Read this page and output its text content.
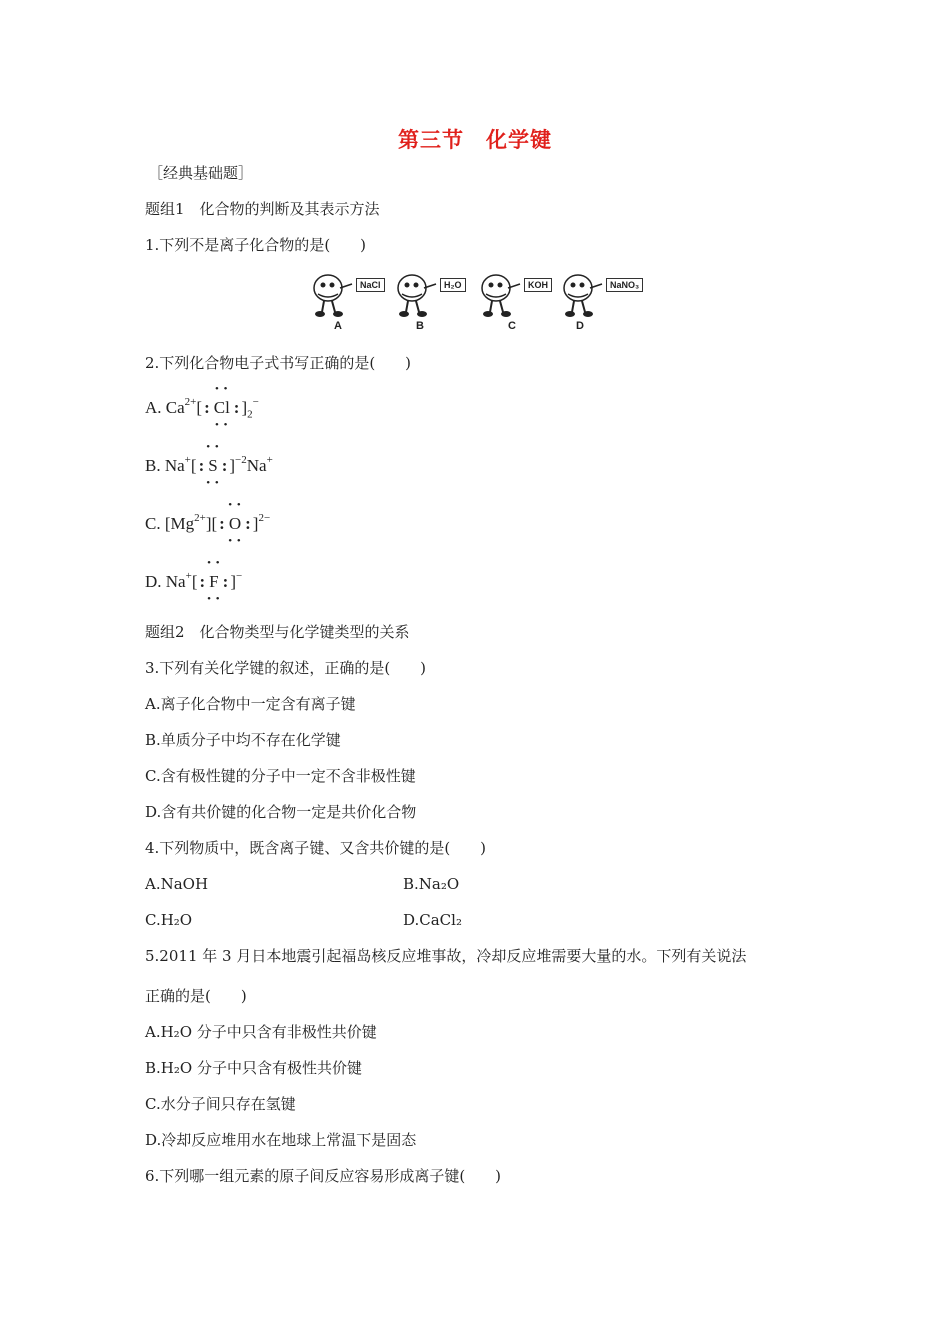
第三节　化学键
［经典基础题］
题组1　化合物的判断及其表示方法
1.下列不是离子化合物的是(　　)
NaCl
A
H₂O
B
KOH
C
NaNO₃
D
2.下列化合物电子式书写正确的是(　　)
A. $Ca^{2+}$[ :
• •
Cl
• •
: ]$_2^-$
B. Na+[ :
• •
S
• •
: ]$^{-2}$Na+
C. $[Mg^{2+}]$[ :
• •
O
• •
: ]$^{2-}$
D. Na+[ :
• •
F
• •
: ]−
题组2　化合物类型与化学键类型的关系
3.下列有关化学键的叙述，正确的是(　　)
A.离子化合物中一定含有离子键
B.单质分子中均不存在化学键
C.含有极性键的分子中一定不含非极性键
D.含有共价键的化合物一定是共价化合物
4.下列物质中，既含离子键、又含共价键的是(　　)
A.NaOH	B.Na₂O
C.H₂O	D.CaCl₂
5.2011 年 3 月日本地震引起福岛核反应堆事故，冷却反应堆需要大量的水。下列有关说法
正确的是(　　)
A.H₂O 分子中只含有非极性共价键
B.H₂O 分子中只含有极性共价键
C.水分子间只存在氢键
D.冷却反应堆用水在地球上常温下是固态
6.下列哪一组元素的原子间反应容易形成离子键(　　)
